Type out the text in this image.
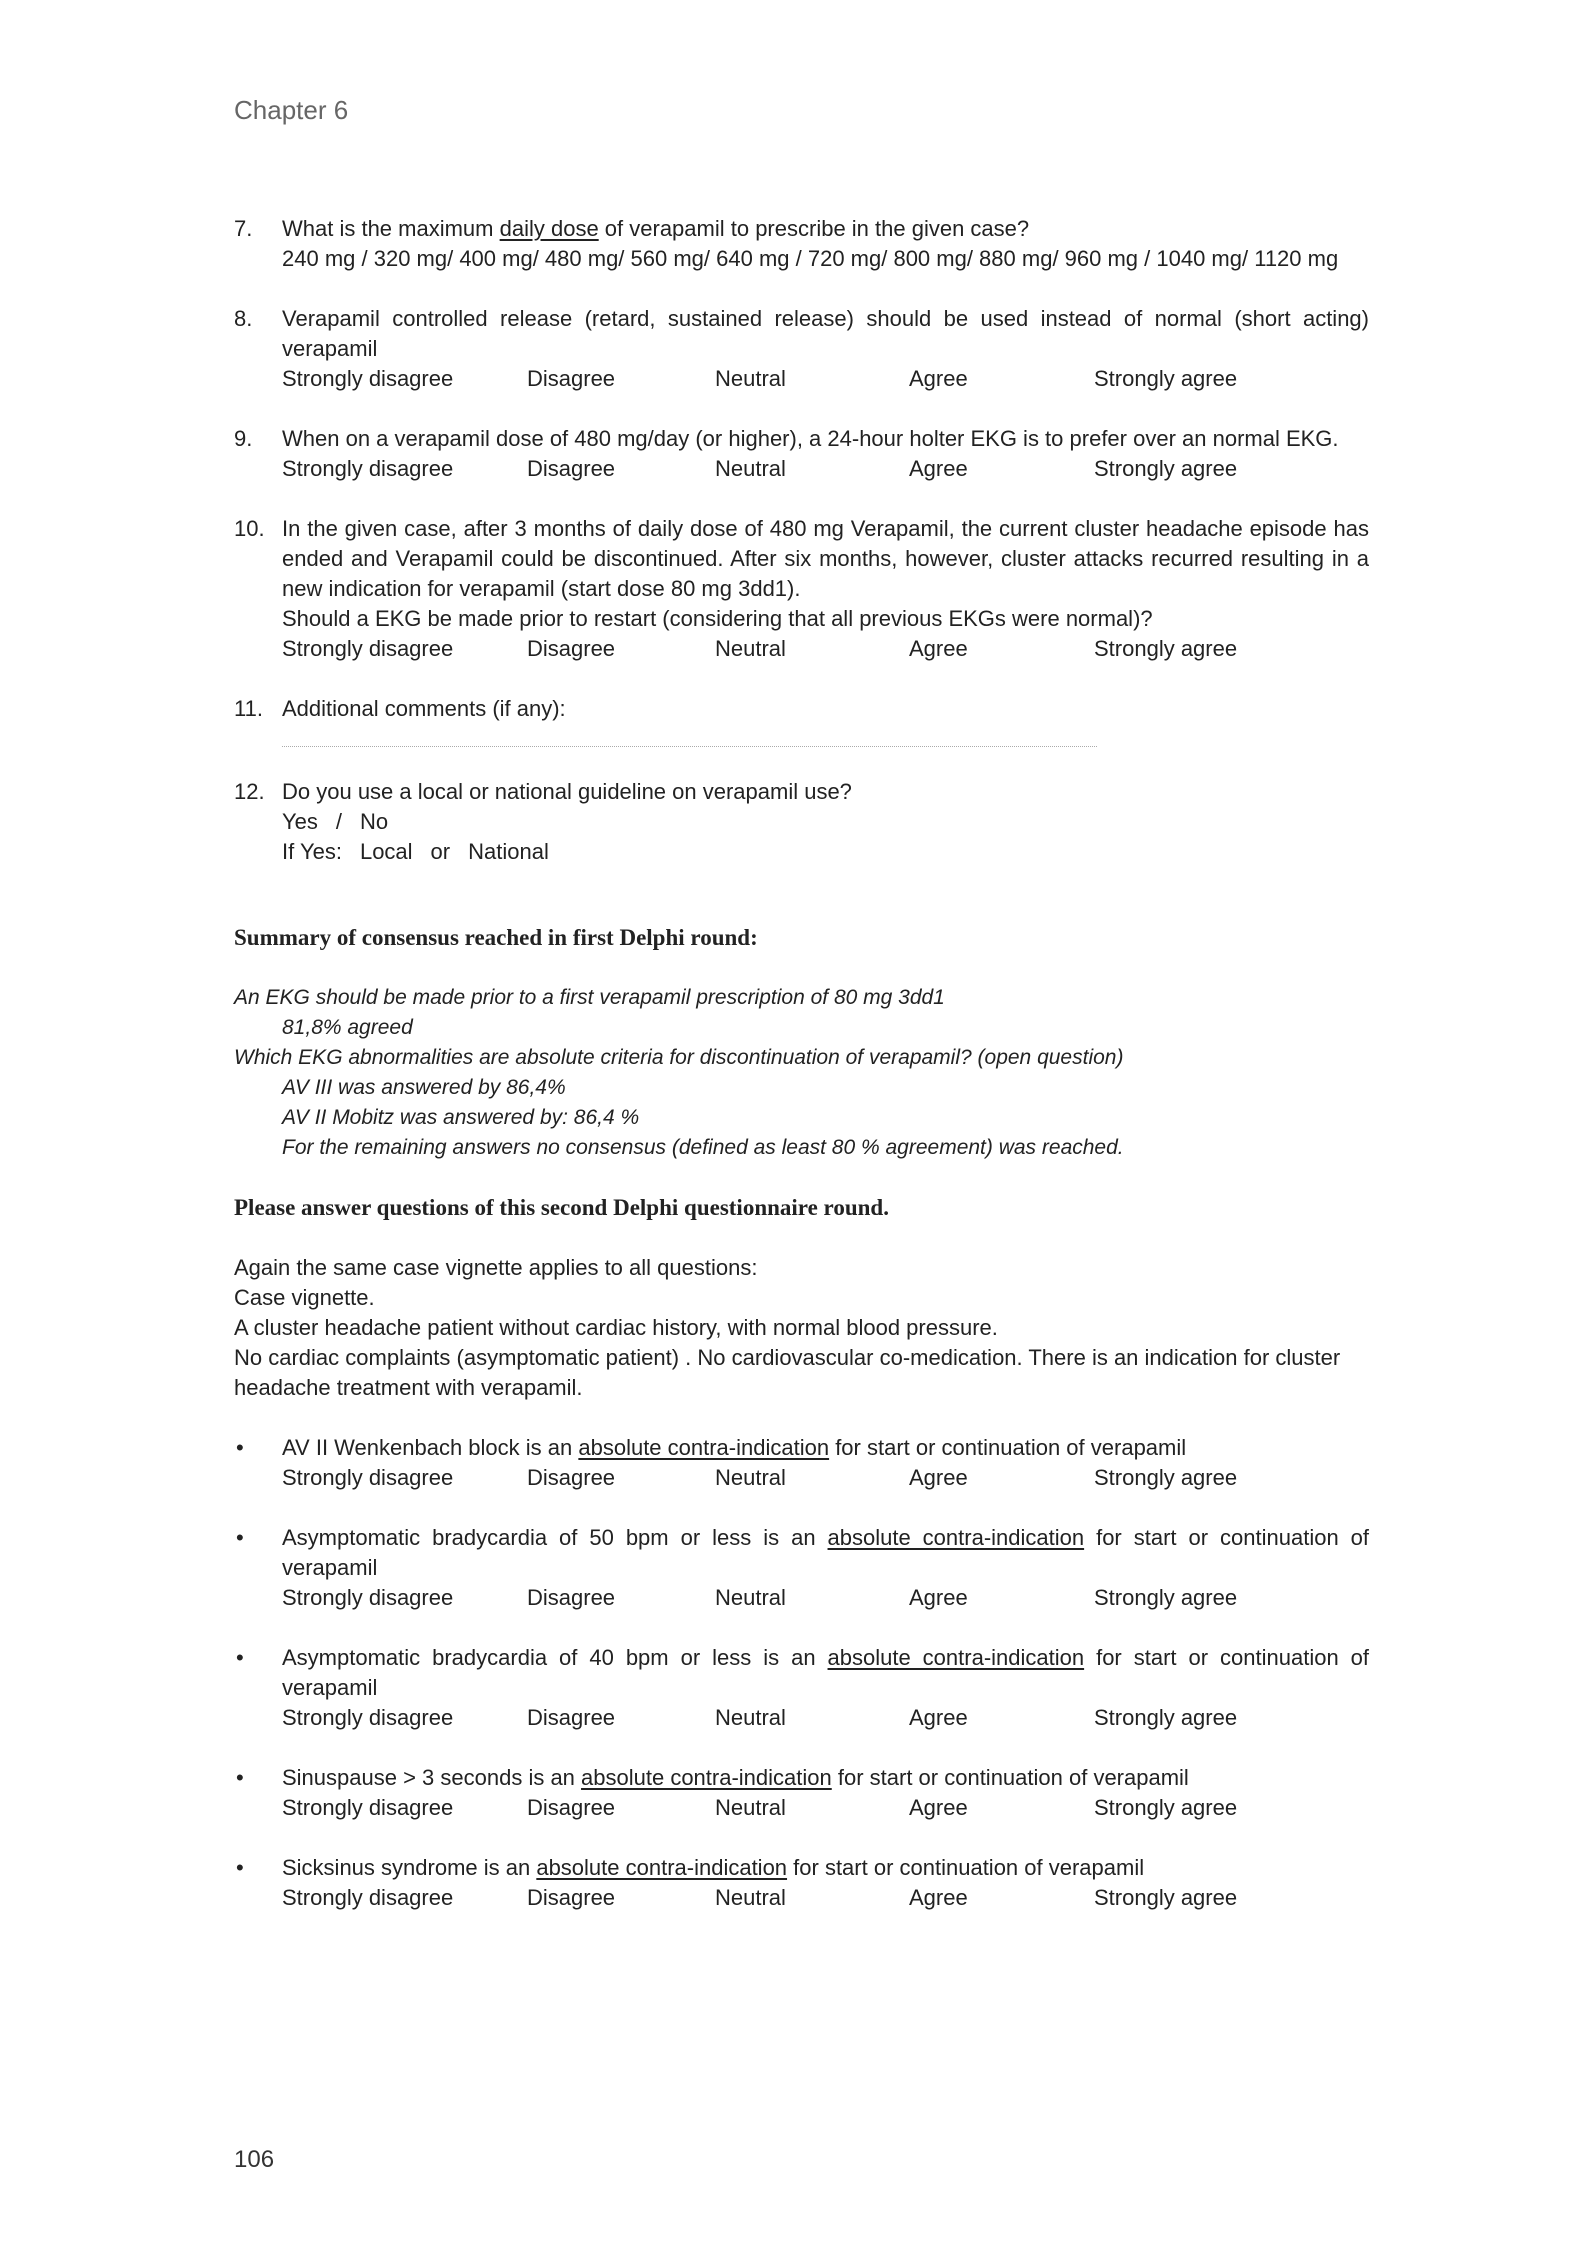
Chapter 6
7.	What is the maximum daily dose of verapamil to prescribe in the given case?

240 mg / 320 mg/ 400 mg/ 480 mg/ 560 mg/ 640 mg / 720 mg/ 800 mg/ 880 mg/ 960 mg / 1040 mg/ 1120 mg

8.	Verapamil controlled release (retard, sustained release) should be used instead of normal (short acting) verapamil

Strongly disagree	Disagree	Neutral	Agree	Strongly agree
9.	When on a verapamil dose of 480 mg/day (or higher), a 24-hour holter EKG is to prefer over an normal EKG.

Strongly disagree	Disagree	Neutral	Agree	Strongly agree
10. In the given case, after 3 months of daily dose of 480 mg Verapamil, the current cluster headache episode has ended and Verapamil could be discontinued. After six months, however, cluster attacks recurred resulting in a new indication for verapamil (start dose 80 mg 3dd1).

Should a EKG be made prior to restart (considering that all previous EKGs were normal)?

Strongly disagree	Disagree	Neutral	Agree	Strongly agree
11. Additional comments (if any):

12. Do you use a local or national guideline on verapamil use?

Yes / No

If Yes: Local or National

Summary of consensus reached in first Delphi round:
An EKG should be made prior to a first verapamil prescription of 80 mg 3dd1
81,8% agreed
Which EKG abnormalities are absolute criteria for discontinuation of verapamil? (open question)
AV III was answered by 86,4%
AV II Mobitz was answered by: 86,4 %
For the remaining answers no consensus (defined as least 80 % agreement) was reached.
Please answer questions of this second Delphi questionnaire round.

Again the same case vignette applies to all questions:

Case vignette.

A cluster headache patient without cardiac history, with normal blood pressure.

No cardiac complaints (asymptomatic patient) . No cardiovascular co-medication. There is an indication for cluster headache treatment with verapamil.

•	AV II Wenkenbach block is an absolute contra-indication for start or continuation of verapamil

Strongly disagree	Disagree	Neutral	Agree	Strongly agree
•	Asymptomatic bradycardia of 50 bpm or less is an absolute contra-indication for start or continuation of verapamil

Strongly disagree	Disagree	Neutral	Agree	Strongly agree
•	Asymptomatic bradycardia of 40 bpm or less is an absolute contra-indication for start or continuation of verapamil

Strongly disagree	Disagree	Neutral	Agree	Strongly agree
•	Sinuspause > 3 seconds is an absolute contra-indication for start or continuation of verapamil

Strongly disagree	Disagree	Neutral	Agree	Strongly agree
•	Sicksinus syndrome is an absolute contra-indication for start or continuation of verapamil

Strongly disagree	Disagree	Neutral	Agree	Strongly agree
106
